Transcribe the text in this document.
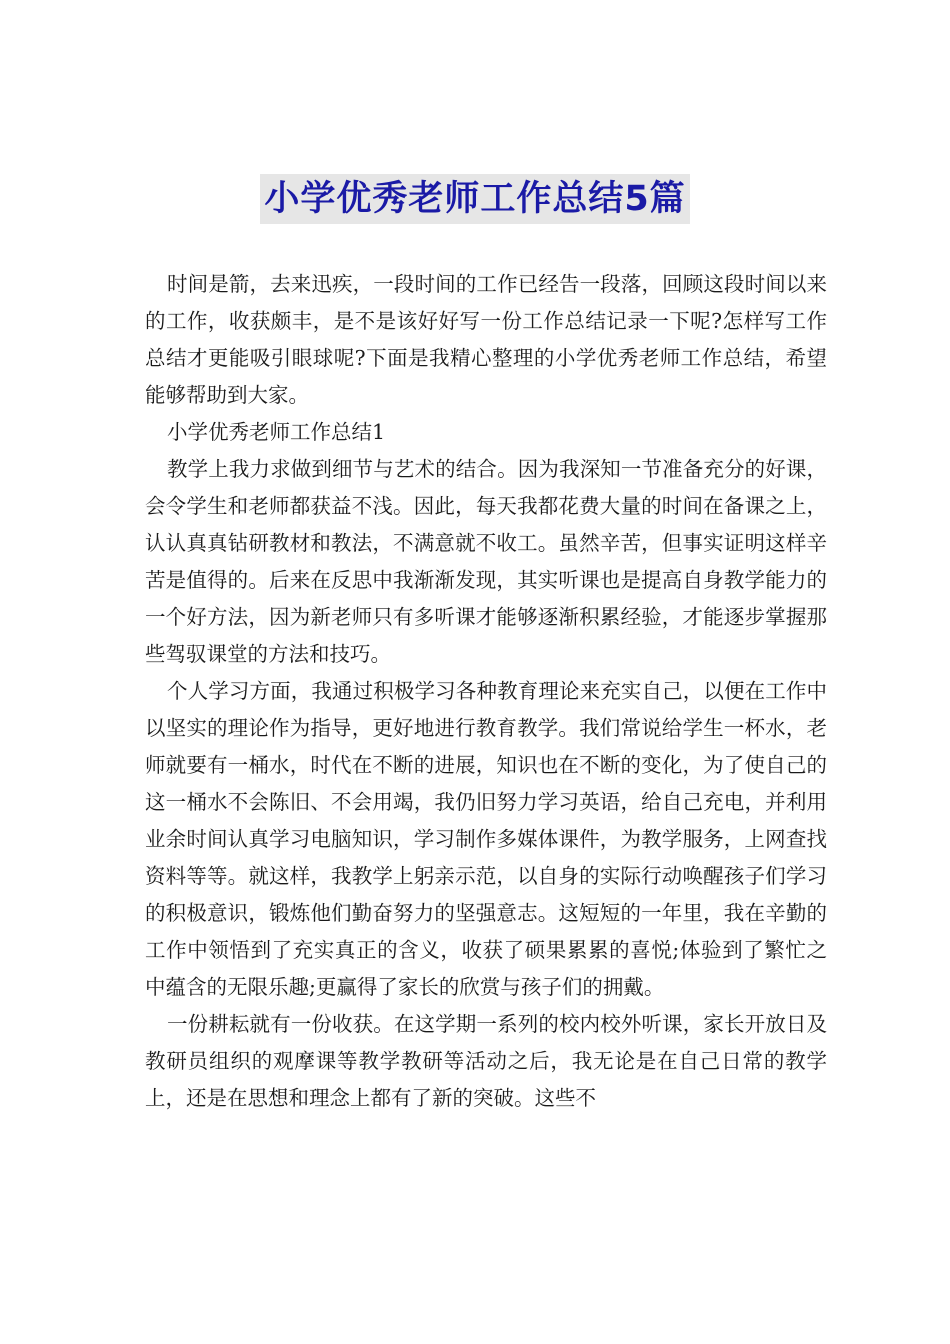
小学优秀老师工作总结5篇

时间是箭，去来迅疾，一段时间的工作已经告一段落，回顾这段时间以来的工作，收获颇丰，是不是该好好写一份工作总结记录一下呢?怎样写工作总结才更能吸引眼球呢?下面是我精心整理的小学优秀老师工作总结，希望能够帮助到大家。

小学优秀老师工作总结1

教学上我力求做到细节与艺术的结合。因为我深知一节准备充分的好课，会令学生和老师都获益不浅。因此，每天我都花费大量的时间在备课之上，认认真真钻研教材和教法，不满意就不收工。虽然辛苦，但事实证明这样辛苦是值得的。后来在反思中我渐渐发现，其实听课也是提高自身教学能力的一个好方法，因为新老师只有多听课才能够逐渐积累经验，才能逐步掌握那些驾驭课堂的方法和技巧。

个人学习方面，我通过积极学习各种教育理论来充实自己，以便在工作中以坚实的理论作为指导，更好地进行教育教学。我们常说给学生一杯水，老师就要有一桶水，时代在不断的进展，知识也在不断的变化，为了使自己的这一桶水不会陈旧、不会用竭，我仍旧努力学习英语，给自己充电，并利用业余时间认真学习电脑知识，学习制作多媒体课件，为教学服务，上网查找资料等等。就这样，我教学上躬亲示范，以自身的实际行动唤醒孩子们学习的积极意识，锻炼他们勤奋努力的坚强意志。这短短的一年里，我在辛勤的工作中领悟到了充实真正的含义，收获了硕果累累的喜悦;体验到了繁忙之中蕴含的无限乐趣;更赢得了家长的欣赏与孩子们的拥戴。

一份耕耘就有一份收获。在这学期一系列的校内校外听课，家长开放日及教研员组织的观摩课等教学教研等活动之后，我无论是在自己日常的教学上，还是在思想和理念上都有了新的突破。这些不
